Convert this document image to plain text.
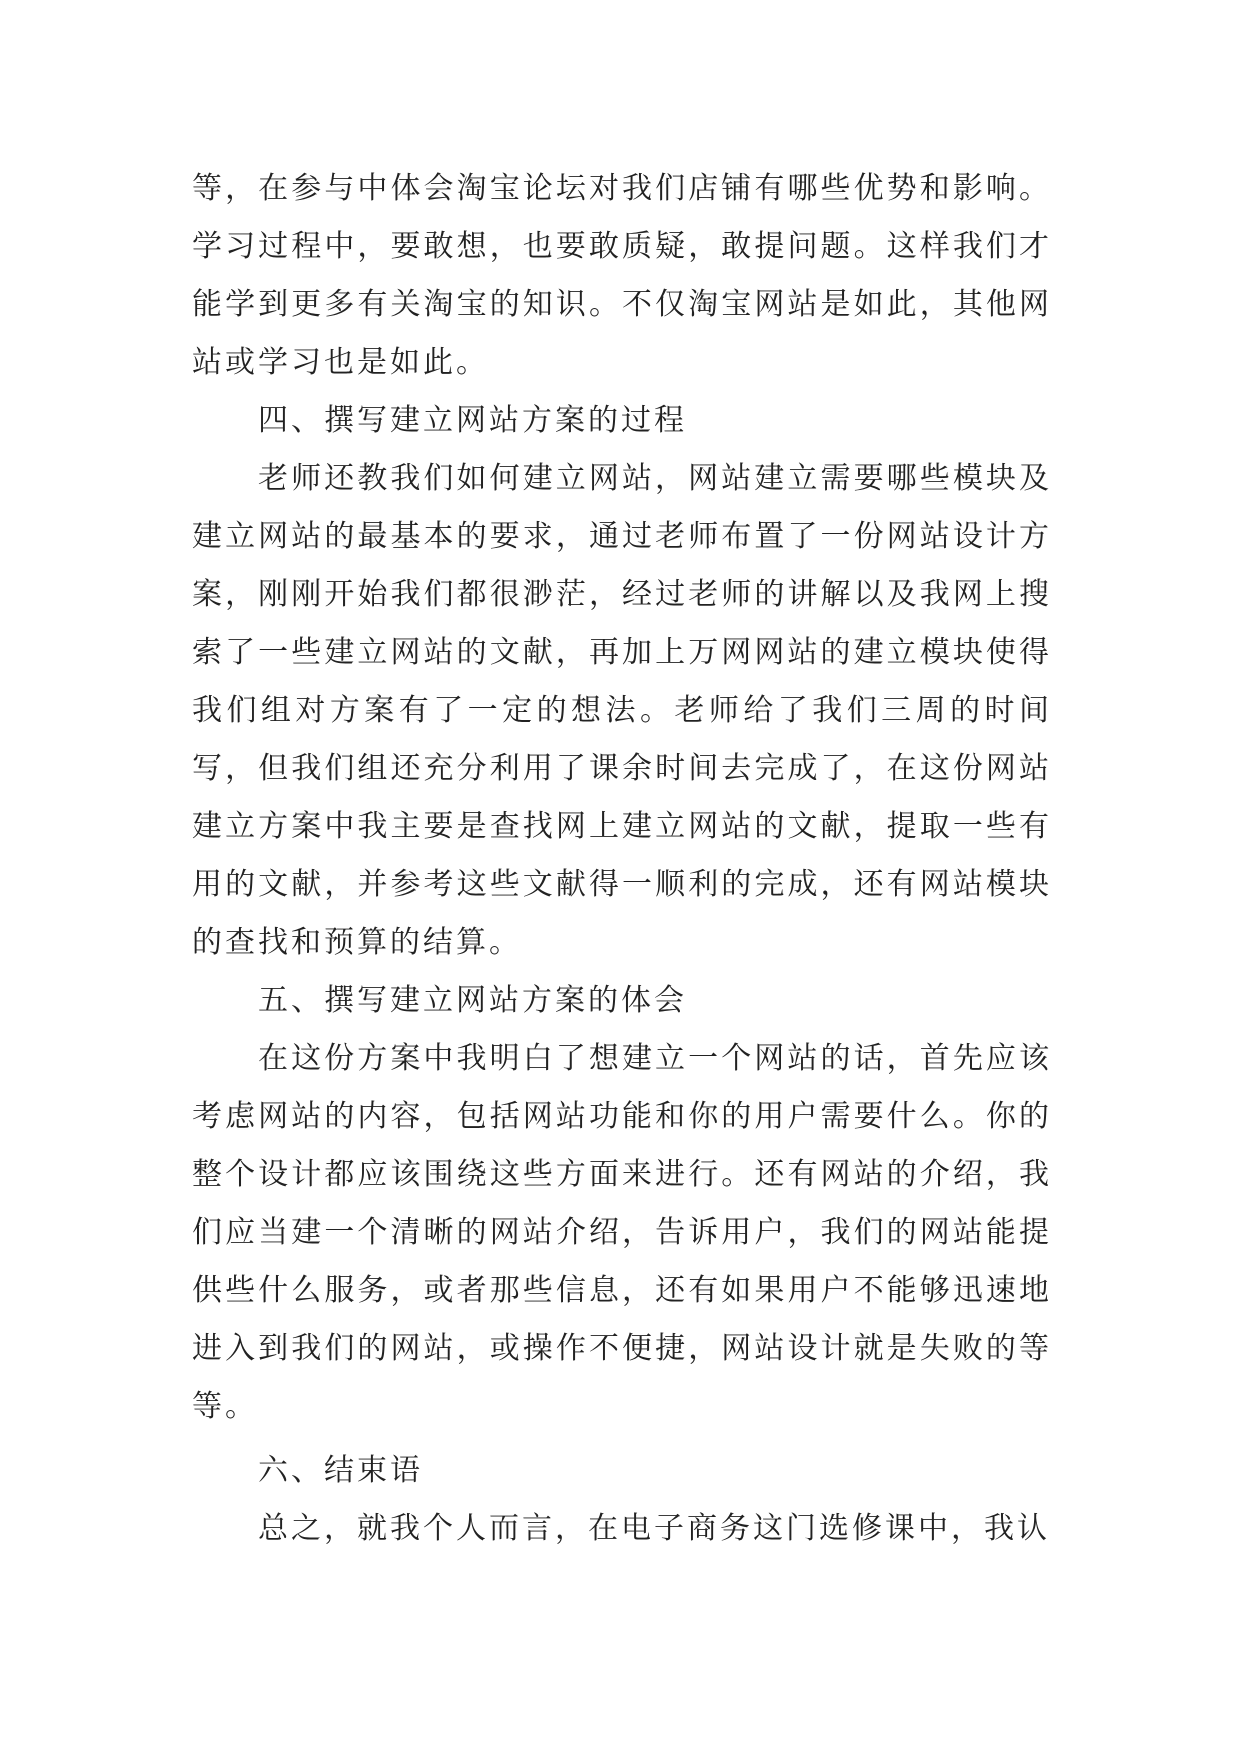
等，在参与中体会淘宝论坛对我们店铺有哪些优势和影响。学习过程中，要敢想，也要敢质疑，敢提问题。这样我们才能学到更多有关淘宝的知识。不仅淘宝网站是如此，其他网站或学习也是如此。

四、撰写建立网站方案的过程

老师还教我们如何建立网站，网站建立需要哪些模块及建立网站的最基本的要求，通过老师布置了一份网站设计方案，刚刚开始我们都很渺茫，经过老师的讲解以及我网上搜索了一些建立网站的文献，再加上万网网站的建立模块使得我们组对方案有了一定的想法。老师给了我们三周的时间写，但我们组还充分利用了课余时间去完成了，在这份网站建立方案中我主要是查找网上建立网站的文献，提取一些有用的文献，并参考这些文献得一顺利的完成，还有网站模块的查找和预算的结算。

五、撰写建立网站方案的体会

在这份方案中我明白了想建立一个网站的话，首先应该考虑网站的内容，包括网站功能和你的用户需要什么。你的整个设计都应该围绕这些方面来进行。还有网站的介绍，我们应当建一个清晰的网站介绍，告诉用户，我们的网站能提供些什么服务，或者那些信息，还有如果用户不能够迅速地进入到我们的网站，或操作不便捷，网站设计就是失败的等等。

六、结束语

总之，就我个人而言，在电子商务这门选修课中，我认
